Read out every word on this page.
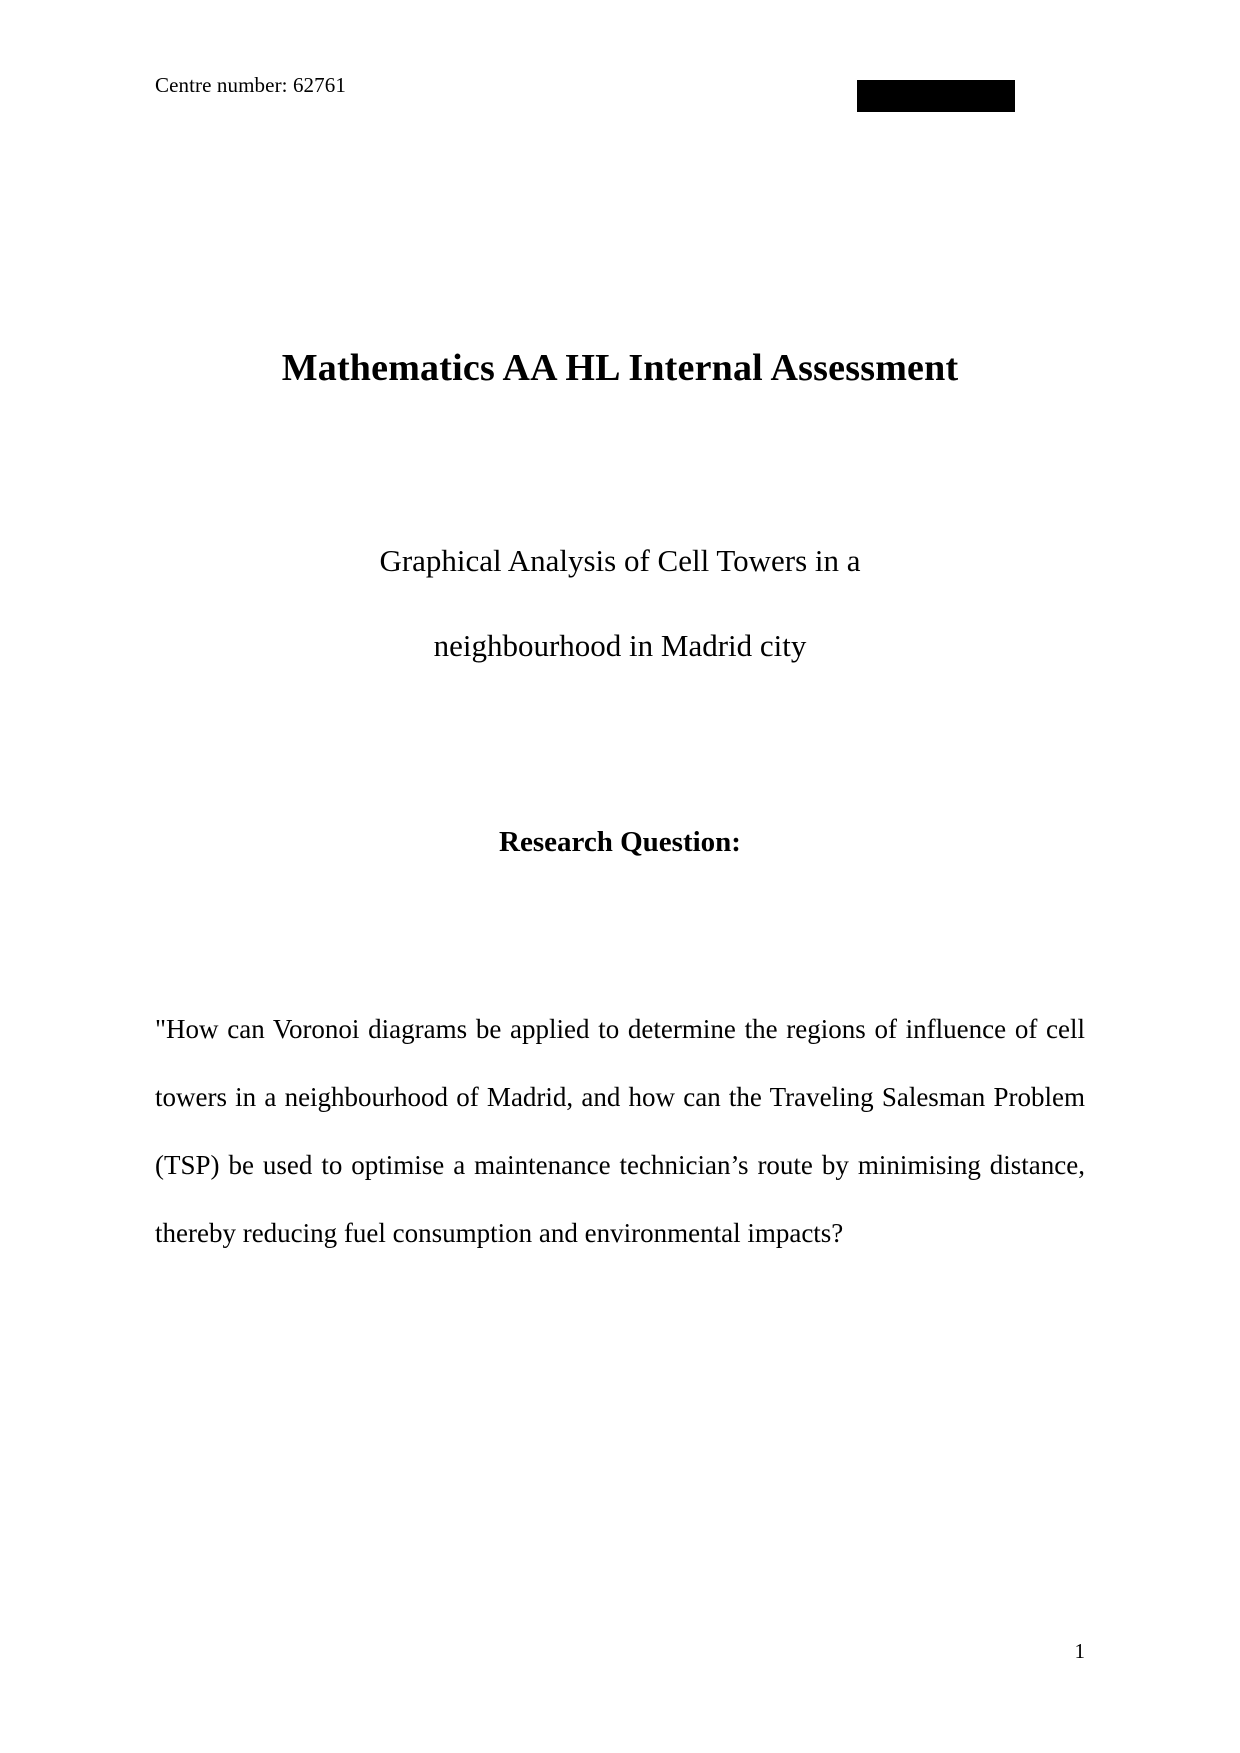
Centre number: 62761
Mathematics AA HL Internal Assessment
Graphical Analysis of Cell Towers in a
neighbourhood in Madrid city
Research Question:

"How can Voronoi diagrams be applied to determine the regions of influence of cell towers in a neighbourhood of Madrid, and how can the Traveling Salesman Problem (TSP) be used to optimise a maintenance technician’s route by minimising distance, thereby reducing fuel consumption and environmental impacts?

1
